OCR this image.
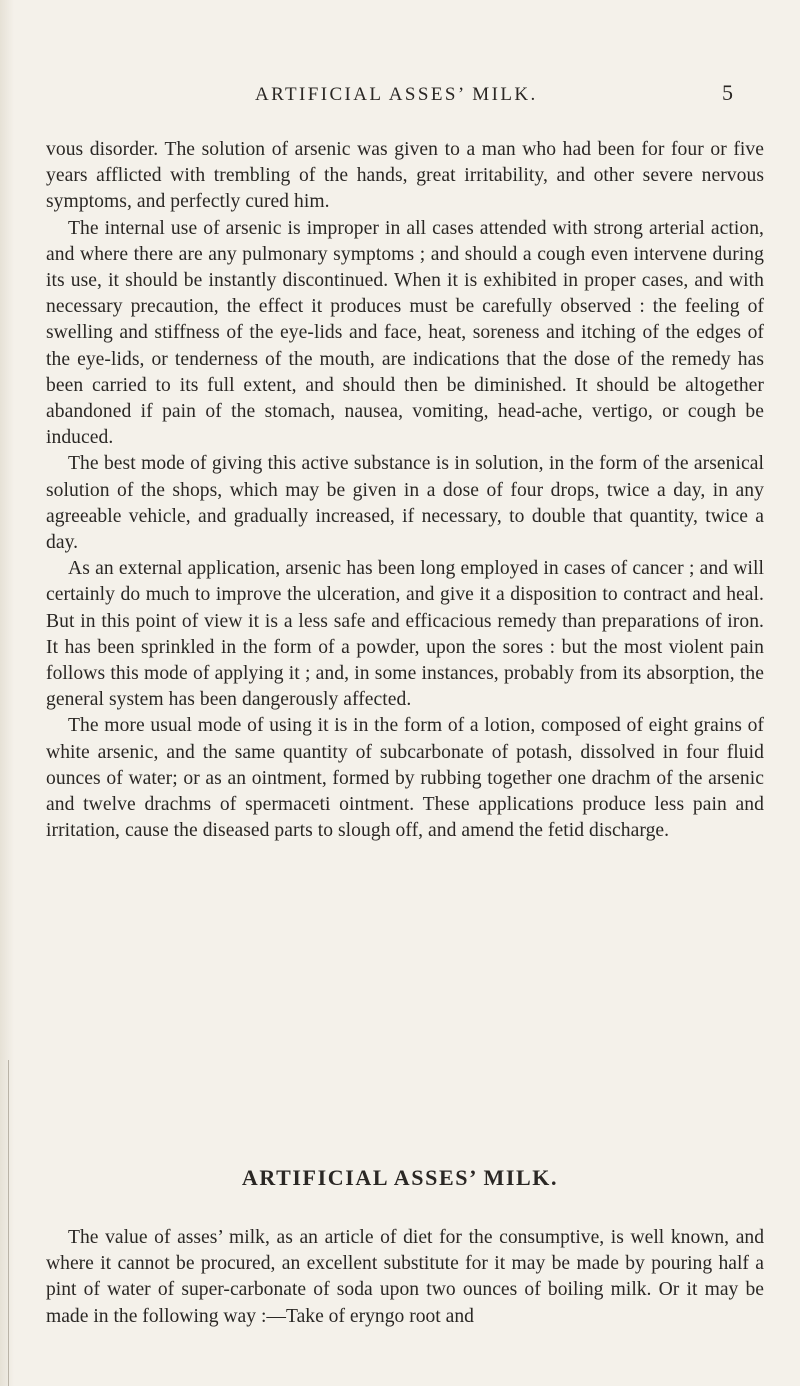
ARTIFICIAL ASSES’ MILK.	5

vous disorder. The solution of arsenic was given to a man who had been for four or five years afflicted with trembling of the hands, great irritability, and other severe nervous symptoms, and perfectly cured him.

The internal use of arsenic is improper in all cases attended with strong arterial action, and where there are any pulmonary symptoms ; and should a cough even intervene during its use, it should be instantly discontinued. When it is exhibited in proper cases, and with necessary precaution, the effect it produces must be carefully observed : the feeling of swelling and stiffness of the eye-lids and face, heat, soreness and itching of the edges of the eye-lids, or tenderness of the mouth, are indications that the dose of the remedy has been carried to its full extent, and should then be diminished. It should be altogether abandoned if pain of the stomach, nausea, vomiting, head-ache, vertigo, or cough be induced.

The best mode of giving this active substance is in solution, in the form of the arsenical solution of the shops, which may be given in a dose of four drops, twice a day, in any agreeable vehicle, and gradually increased, if necessary, to double that quantity, twice a day.

As an external application, arsenic has been long employed in cases of cancer ; and will certainly do much to improve the ulceration, and give it a disposition to contract and heal. But in this point of view it is a less safe and efficacious remedy than preparations of iron. It has been sprinkled in the form of a powder, upon the sores : but the most violent pain follows this mode of applying it ; and, in some instances, probably from its absorption, the general system has been dangerously affected.

The more usual mode of using it is in the form of a lotion, composed of eight grains of white arsenic, and the same quantity of subcarbonate of potash, dissolved in four fluid ounces of water; or as an ointment, formed by rubbing together one drachm of the arsenic and twelve drachms of spermaceti ointment. These applications produce less pain and irritation, cause the diseased parts to slough off, and amend the fetid discharge.

ARTIFICIAL ASSES’ MILK.

The value of asses’ milk, as an article of diet for the consumptive, is well known, and where it cannot be procured, an excellent substitute for it may be made by pouring half a pint of water of super-carbonate of soda upon two ounces of boiling milk. Or it may be made in the following way :—Take of eryngo root and
